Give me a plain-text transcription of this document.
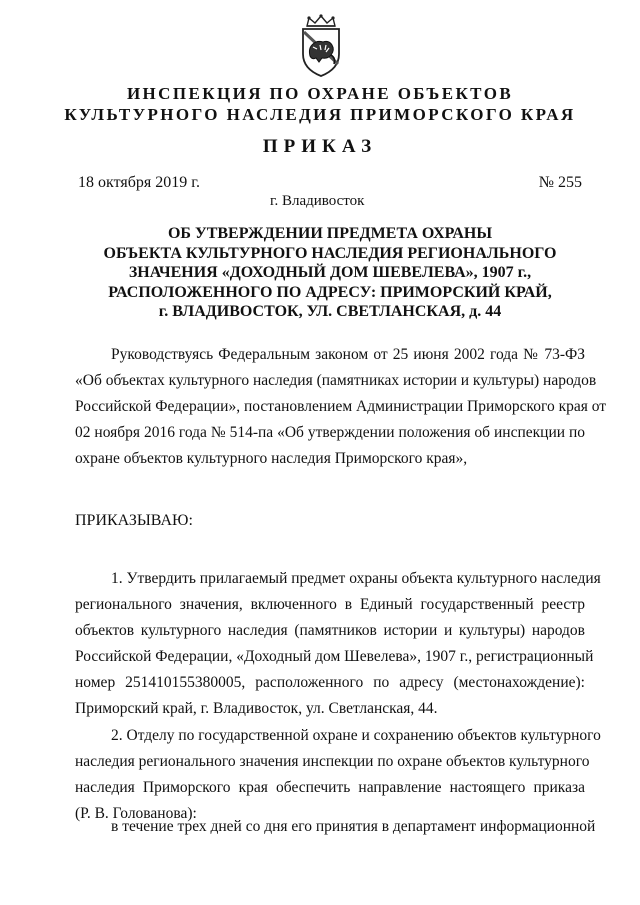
ИНСПЕКЦИЯ ПО ОХРАНЕ ОБЪЕКТОВ
КУЛЬТУРНОГО НАСЛЕДИЯ ПРИМОРСКОГО КРАЯ
ПРИКАЗ
18 октября 2019 г.	№ 255
г. Владивосток
ОБ УТВЕРЖДЕНИИ ПРЕДМЕТА ОХРАНЫ
ОБЪЕКТА КУЛЬТУРНОГО НАСЛЕДИЯ РЕГИОНАЛЬНОГО
ЗНАЧЕНИЯ «ДОХОДНЫЙ ДОМ ШЕВЕЛЕВА», 1907 г.,
РАСПОЛОЖЕННОГО ПО АДРЕСУ: ПРИМОРСКИЙ КРАЙ,
г. ВЛАДИВОСТОК, УЛ. СВЕТЛАНСКАЯ, д. 44
Руководствуясь Федеральным законом от 25 июня 2002 года № 73-ФЗ
«Об объектах культурного наследия (памятниках истории и культуры) народов
Российской Федерации», постановлением Администрации Приморского края от
02 ноября 2016 года № 514-па «Об утверждении положения об инспекции по
охране объектов культурного наследия Приморского края»,
ПРИКАЗЫВАЮ:
1. Утвердить прилагаемый предмет охраны объекта культурного наследия
регионального значения, включенного в Единый государственный реестр
объектов культурного наследия (памятников истории и культуры) народов
Российской Федерации, «Доходный дом Шевелева», 1907 г., регистрационный
номер 251410155380005, расположенного по адресу (местонахождение):
Приморский край, г. Владивосток, ул. Светланская, 44.
2. Отделу по государственной охране и сохранению объектов культурного
наследия регионального значения инспекции по охране объектов культурного
наследия Приморского края обеспечить направление настоящего приказа
(Р. В. Голованова):
в течение трех дней со дня его принятия в департамент информационной
